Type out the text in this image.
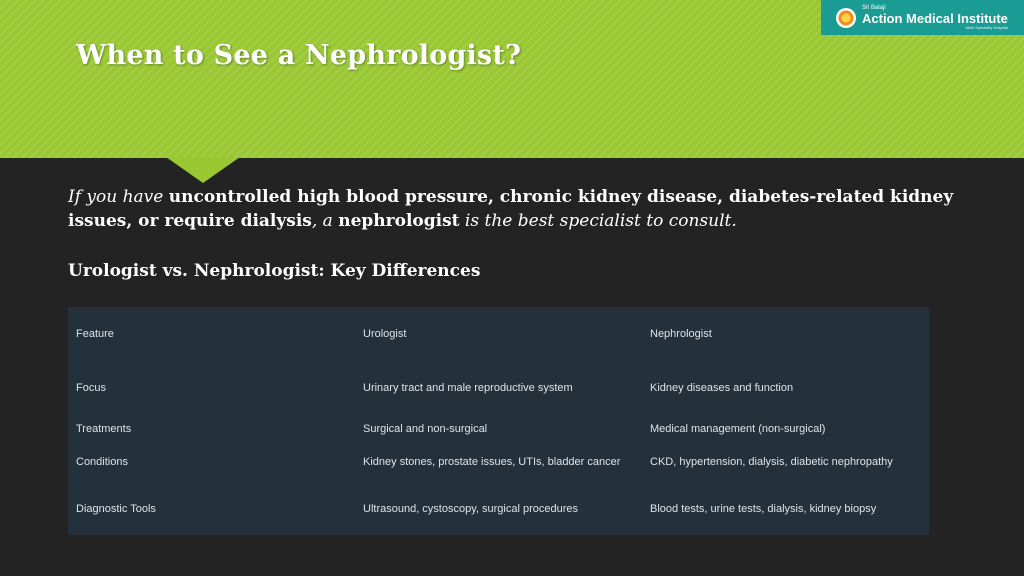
When to See a Nephrologist?
Sri Balaji
Action Medical Institute
Multi Speciality Hospital

If you have uncontrolled high blood pressure, chronic kidney disease, diabetes-related kidney issues, or require dialysis, a nephrologist is the best specialist to consult.

Urologist vs. Nephrologist: Key Differences
Feature	Urologist	Nephrologist
Focus	Urinary tract and male reproductive system	Kidney diseases and function
Treatments	Surgical and non-surgical	Medical management (non-surgical)
Conditions	Kidney stones, prostate issues, UTIs, bladder cancer	CKD, hypertension, dialysis, diabetic nephropathy
Diagnostic Tools	Ultrasound, cystoscopy, surgical procedures	Blood tests, urine tests, dialysis, kidney biopsy
